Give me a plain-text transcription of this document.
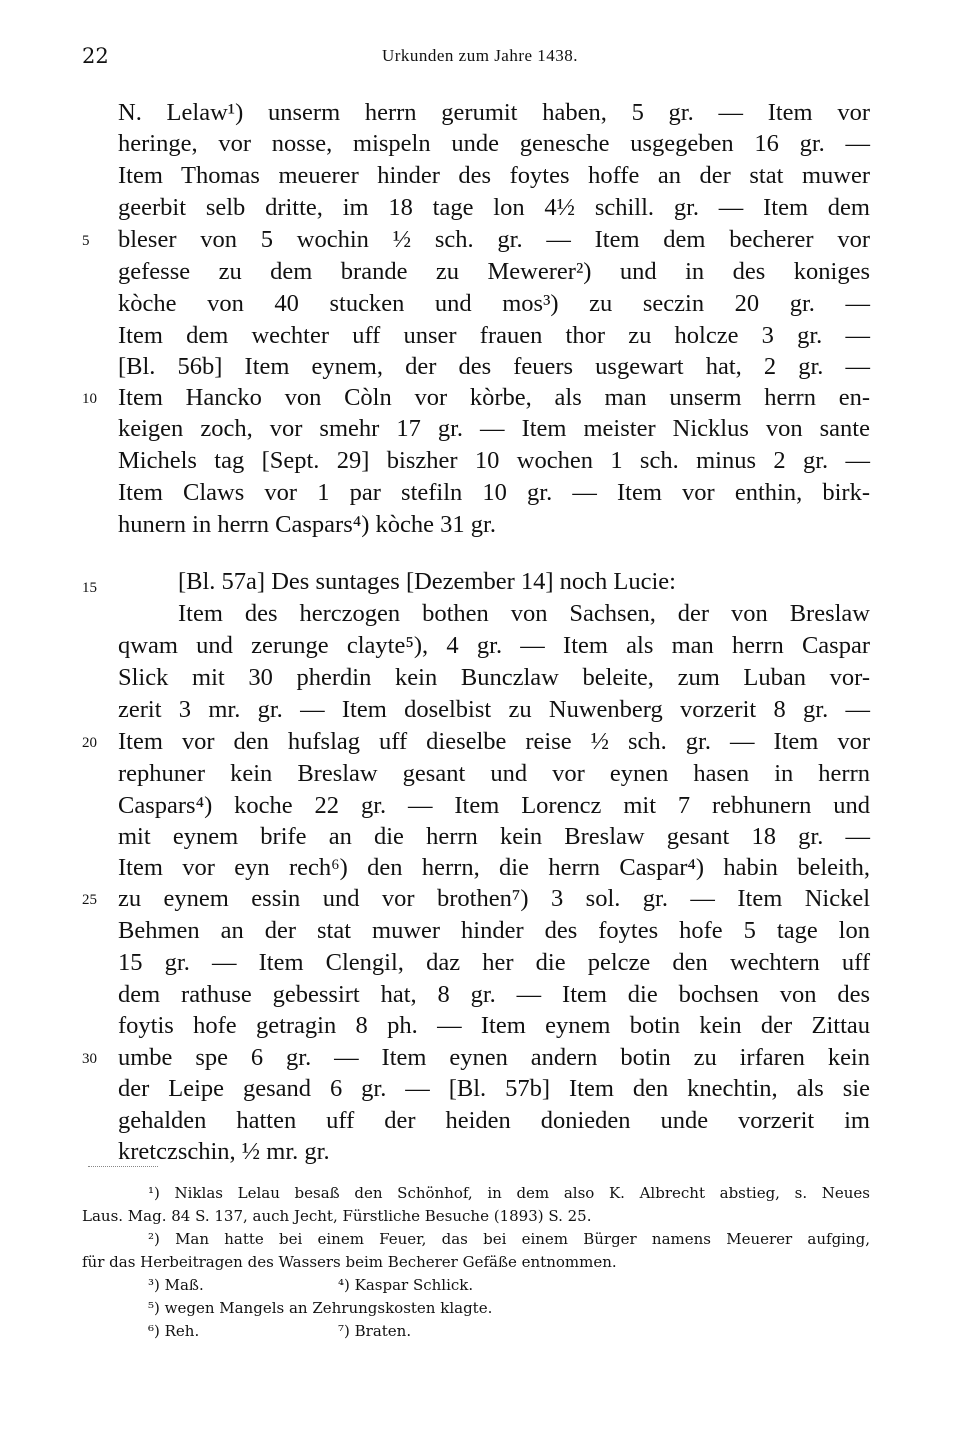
22	Urkunden zum Jahre 1438.
N. Lelaw¹) unserm herrn gerumit haben, 5 gr. — Item vor
heringe, vor nosse, mispeln unde genesche usgegeben 16 gr. —
Item Thomas meuerer hinder des foytes hoffe an der stat muwer
geerbit selb dritte, im 18 tage lon 4½ schill. gr. — Item dem
bleser von 5 wochin ½ sch. gr. — Item dem becherer vor
gefesse zu dem brande zu Mewerer²) und in des koniges
kòche von 40 stucken und mos³) zu seczin 20 gr. —
Item dem wechter uff unser frauen thor zu holcze 3 gr. —
[Bl. 56b] Item eynem, der des feuers usgewart hat, 2 gr. —
Item Hancko von Còln vor kòrbe, als man unserm herrn en-
keigen zoch, vor smehr 17 gr. — Item meister Nicklus von sante
Michels tag [Sept. 29] biszher 10 wochen 1 sch. minus 2 gr. —
Item Claws vor 1 par stefiln 10 gr. — Item vor enthin, birk-
hunern in herrn Caspars⁴) kòche 31 gr.
[Bl. 57a] Des suntages [Dezember 14] noch Lucie:
Item des herczogen bothen von Sachsen, der von Breslaw
qwam und zerunge clayte⁵), 4 gr. — Item als man herrn Caspar
Slick mit 30 pherdin kein Bunczlaw beleite, zum Luban vor-
zerit 3 mr. gr. — Item doselbist zu Nuwenberg vorzerit 8 gr. —
Item vor den hufslag uff dieselbe reise ½ sch. gr. — Item vor
rephuner kein Breslaw gesant und vor eynen hasen in herrn
Caspars⁴) koche 22 gr. — Item Lorencz mit 7 rebhunern und
mit eynem brife an die herrn kein Breslaw gesant 18 gr. —
Item vor eyn rech⁶) den herrn, die herrn Caspar⁴) habin beleith,
zu eynem essin und vor brothen⁷) 3 sol. gr. — Item Nickel
Behmen an der stat muwer hinder des foytes hofe 5 tage lon
15 gr. — Item Clengil, daz her die pelcze den wechtern uff
dem rathuse gebessirt hat, 8 gr. — Item die bochsen von des
foytis hofe getragin 8 ph. — Item eynem botin kein der Zittau
umbe spe 6 gr. — Item eynen andern botin zu irfaren kein
der Leipe gesand 6 gr. — [Bl. 57b] Item den knechtin, als sie
gehalden hatten uff der heiden donieden unde vorzerit im
kretczschin, ½ mr. gr.
5
10
15
20
25
30
¹) Niklas Lelau besaß den Schönhof, in dem also K. Albrecht abstieg, s. Neues
Laus. Mag. 84 S. 137, auch Jecht, Fürstliche Besuche (1893) S. 25.
²) Man hatte bei einem Feuer, das bei einem Bürger namens Meuerer aufging,
für das Herbeitragen des Wassers beim Becherer Gefäße entnommen.
³) Maß.	⁴) Kaspar Schlick.
⁵) wegen Mangels an Zehrungskosten klagte.
⁶) Reh.	⁷) Braten.
